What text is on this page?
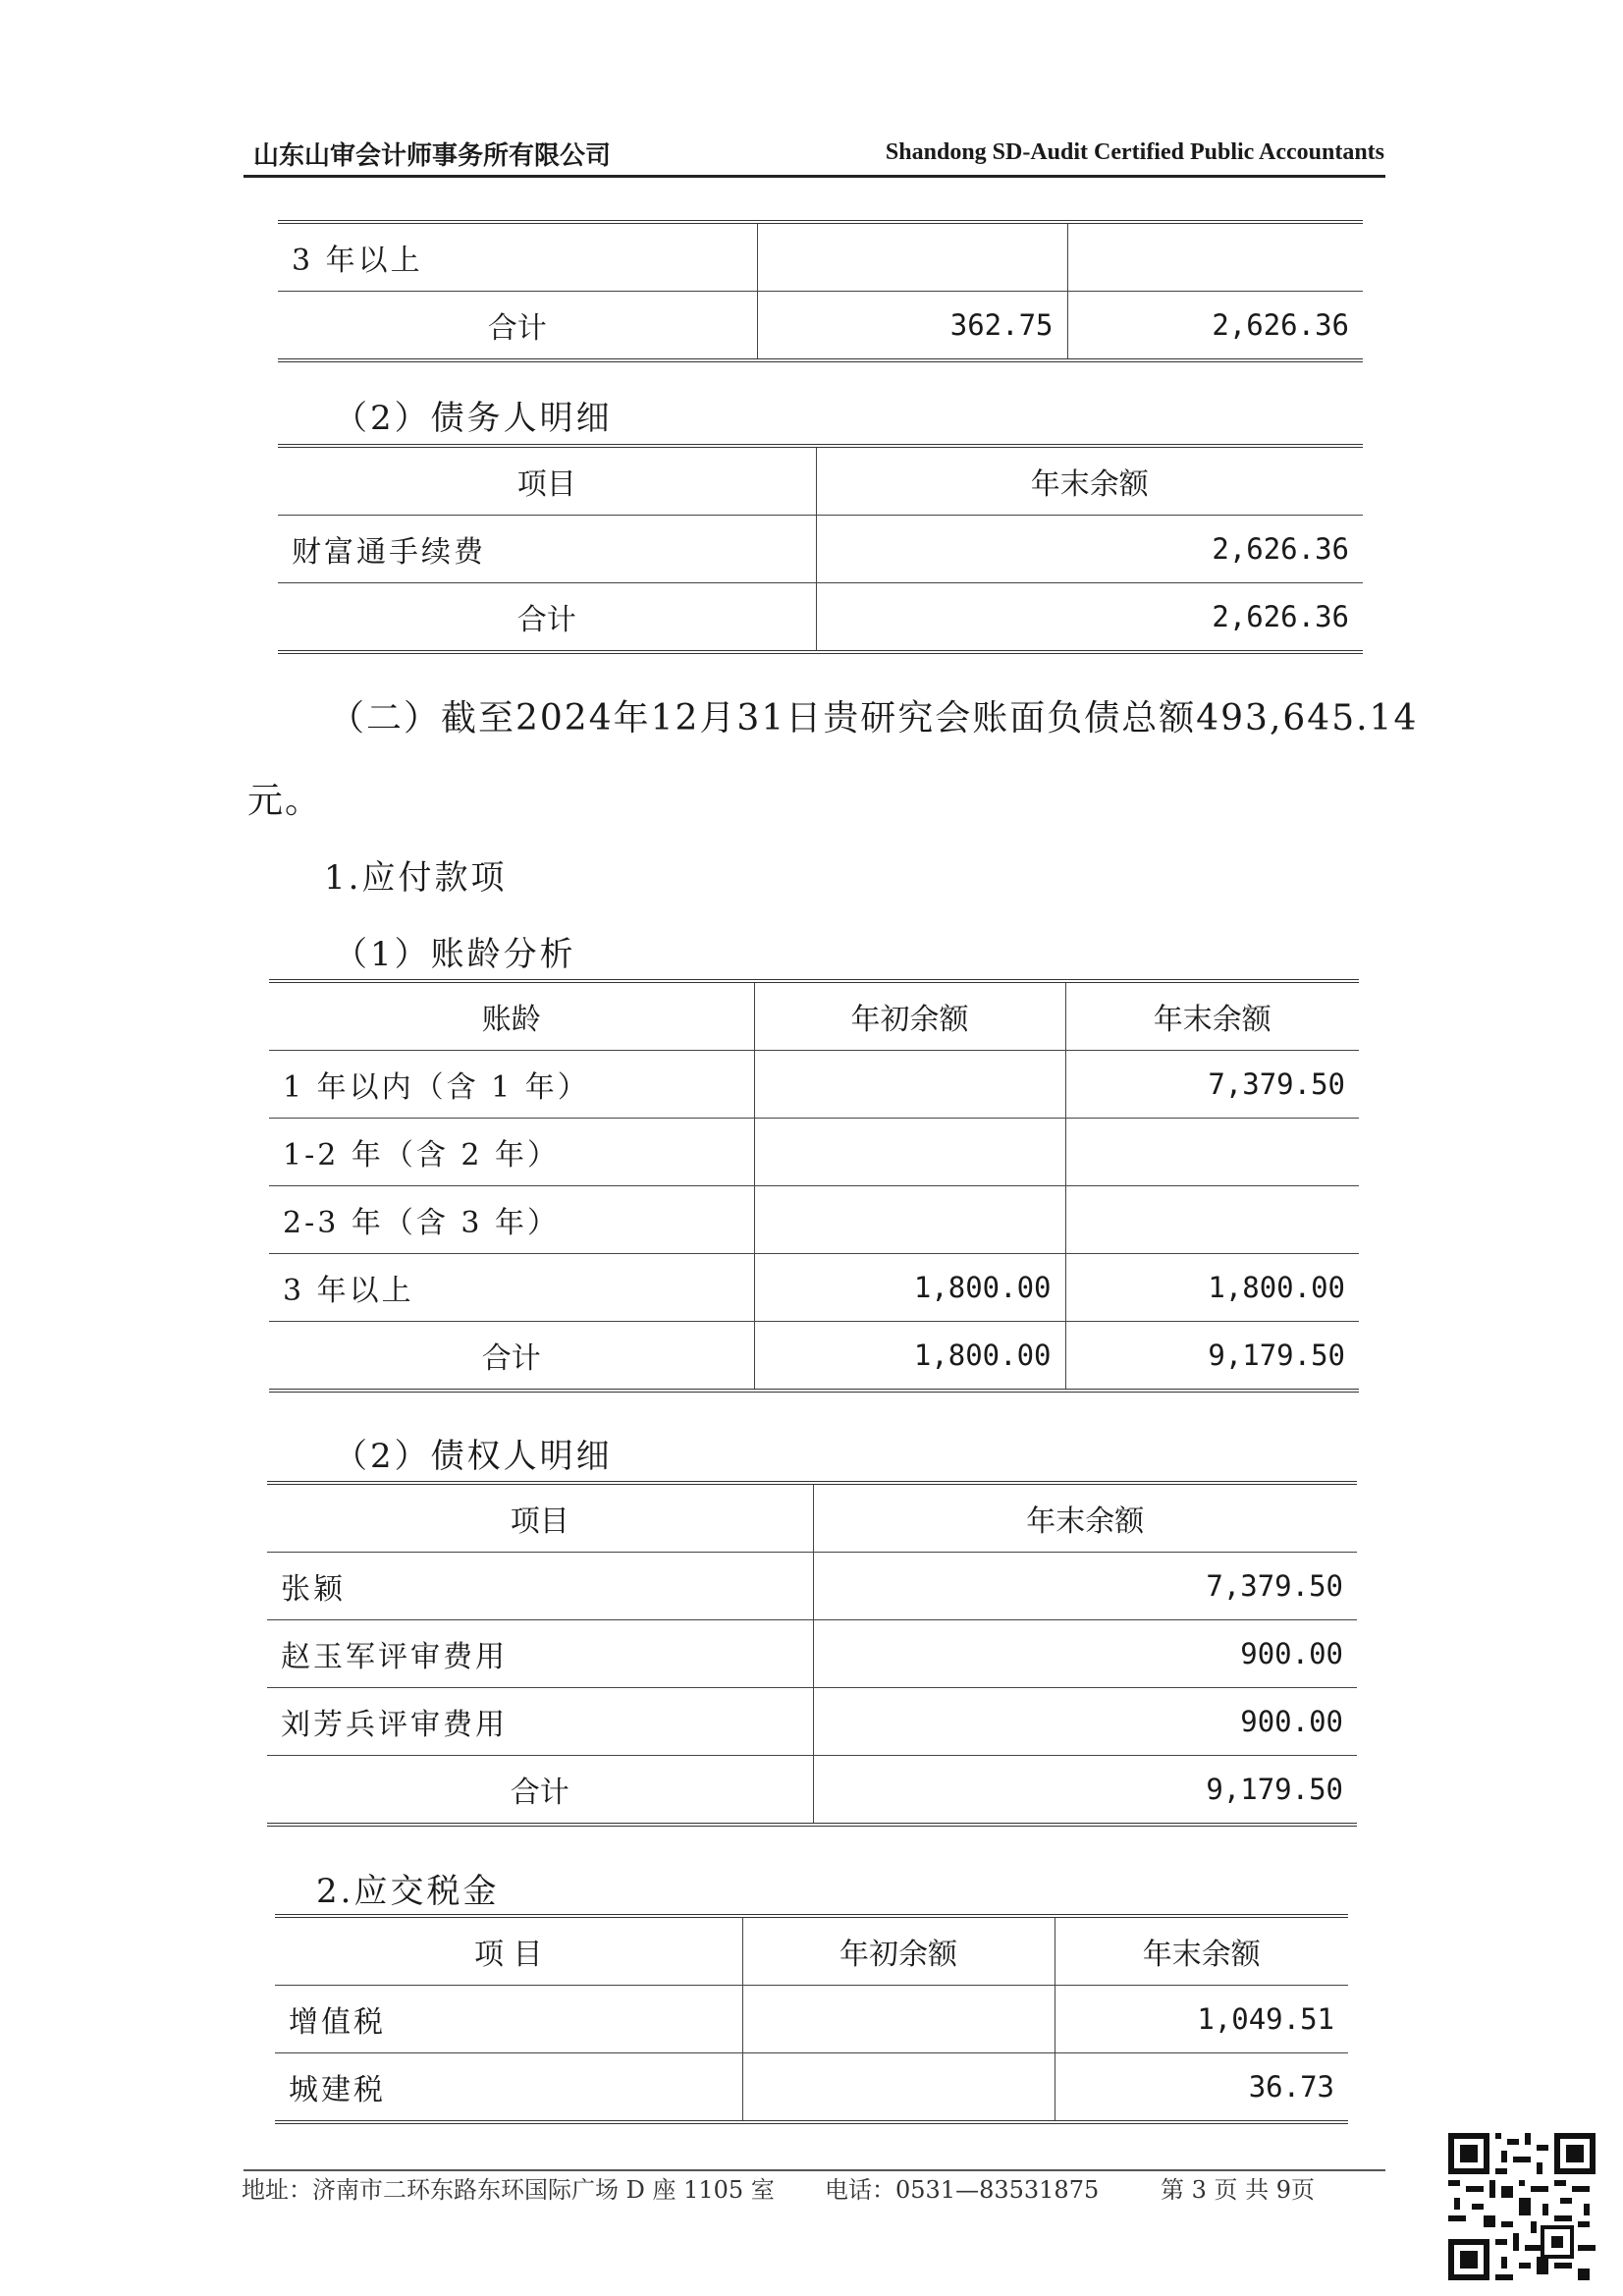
山东山审会计师事务所有限公司	Shandong SD-Audit Certified Public Accountants
3 年以上		
合计	362.75	2,626.36
（2）债务人明细
项目	年末余额
财富通手续费	2,626.36
合计	2,626.36
（二）截至2024年12月31日贵研究会账面负债总额493,645.14
元。
1.应付款项
（1）账龄分析
账龄	年初余额	年末余额
1 年以内（含 1 年）		7,379.50
1-2 年（含 2 年）		
2-3 年（含 3 年）		
3 年以上	1,800.00	1,800.00
合计	1,800.00	9,179.50
（2）债权人明细
项目	年末余额
张颖	7,379.50
赵玉军评审费用	900.00
刘芳兵评审费用	900.00
合计	9,179.50
2.应交税金
项 目	年初余额	年末余额
增值税		1,049.51
城建税		36.73
地址：济南市二环东路东环国际广场 D 座 1105 室 电话：0531—83531875	第 3 页 共 9页
